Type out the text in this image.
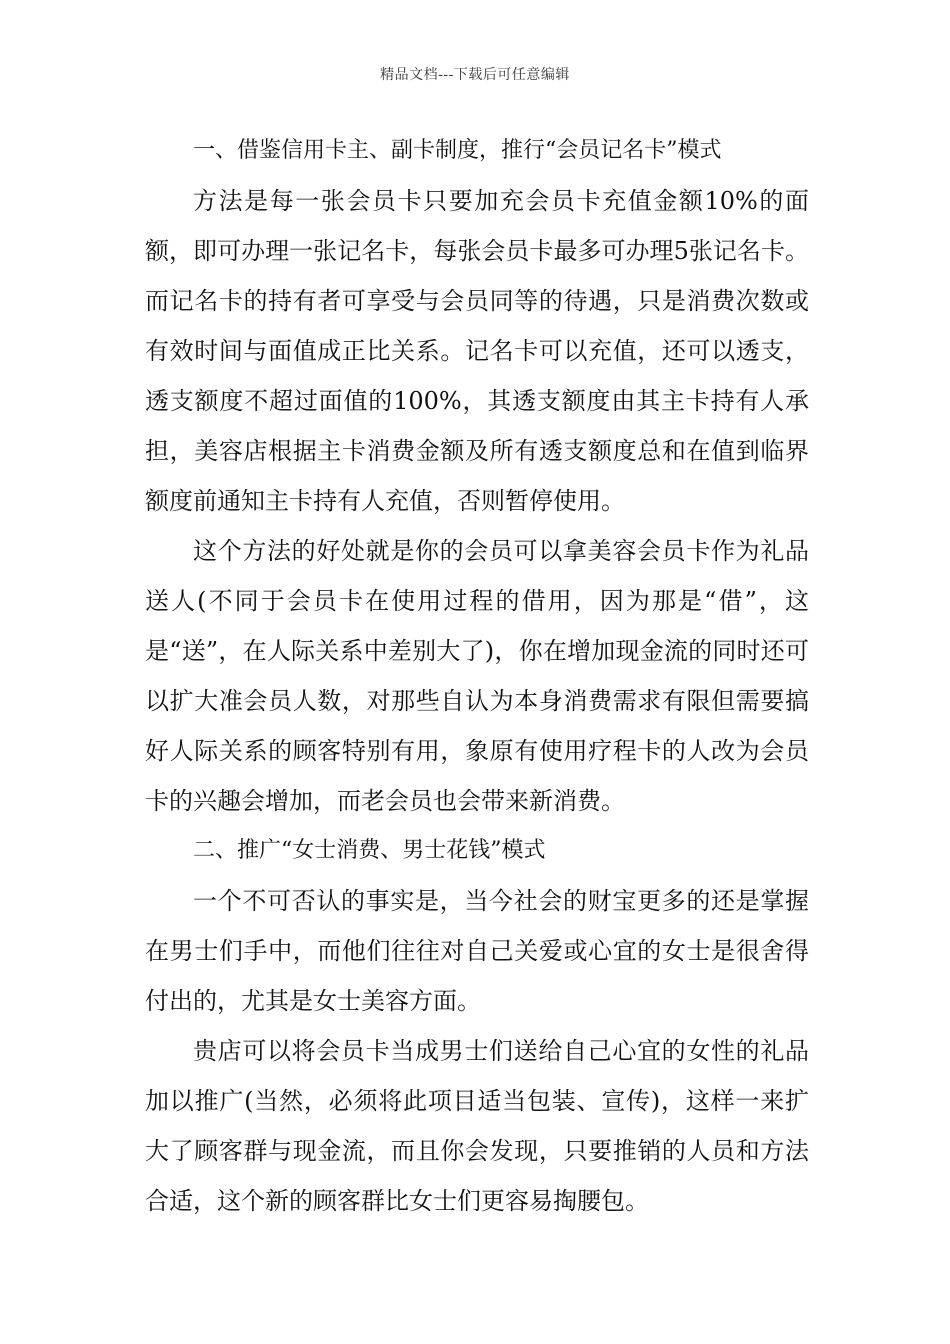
精品文档---下载后可任意编辑

一、借鉴信用卡主、副卡制度，推行“会员记名卡”模式

方法是每一张会员卡只要加充会员卡充值金额10%的面额，即可办理一张记名卡，每张会员卡最多可办理5张记名卡。而记名卡的持有者可享受与会员同等的待遇，只是消费次数或有效时间与面值成正比关系。记名卡可以充值，还可以透支，透支额度不超过面值的100%，其透支额度由其主卡持有人承担，美容店根据主卡消费金额及所有透支额度总和在值到临界额度前通知主卡持有人充值，否则暂停使用。

这个方法的好处就是你的会员可以拿美容会员卡作为礼品送人(不同于会员卡在使用过程的借用，因为那是“借”，这是“送”，在人际关系中差别大了)，你在增加现金流的同时还可以扩大准会员人数，对那些自认为本身消费需求有限但需要搞好人际关系的顾客特别有用，象原有使用疗程卡的人改为会员卡的兴趣会增加，而老会员也会带来新消费。

二、推广“女士消费、男士花钱”模式

一个不可否认的事实是，当今社会的财宝更多的还是掌握在男士们手中，而他们往往对自己关爱或心宜的女士是很舍得付出的，尤其是女士美容方面。

贵店可以将会员卡当成男士们送给自己心宜的女性的礼品加以推广(当然，必须将此项目适当包装、宣传)，这样一来扩大了顾客群与现金流，而且你会发现，只要推销的人员和方法合适，这个新的顾客群比女士们更容易掏腰包。
